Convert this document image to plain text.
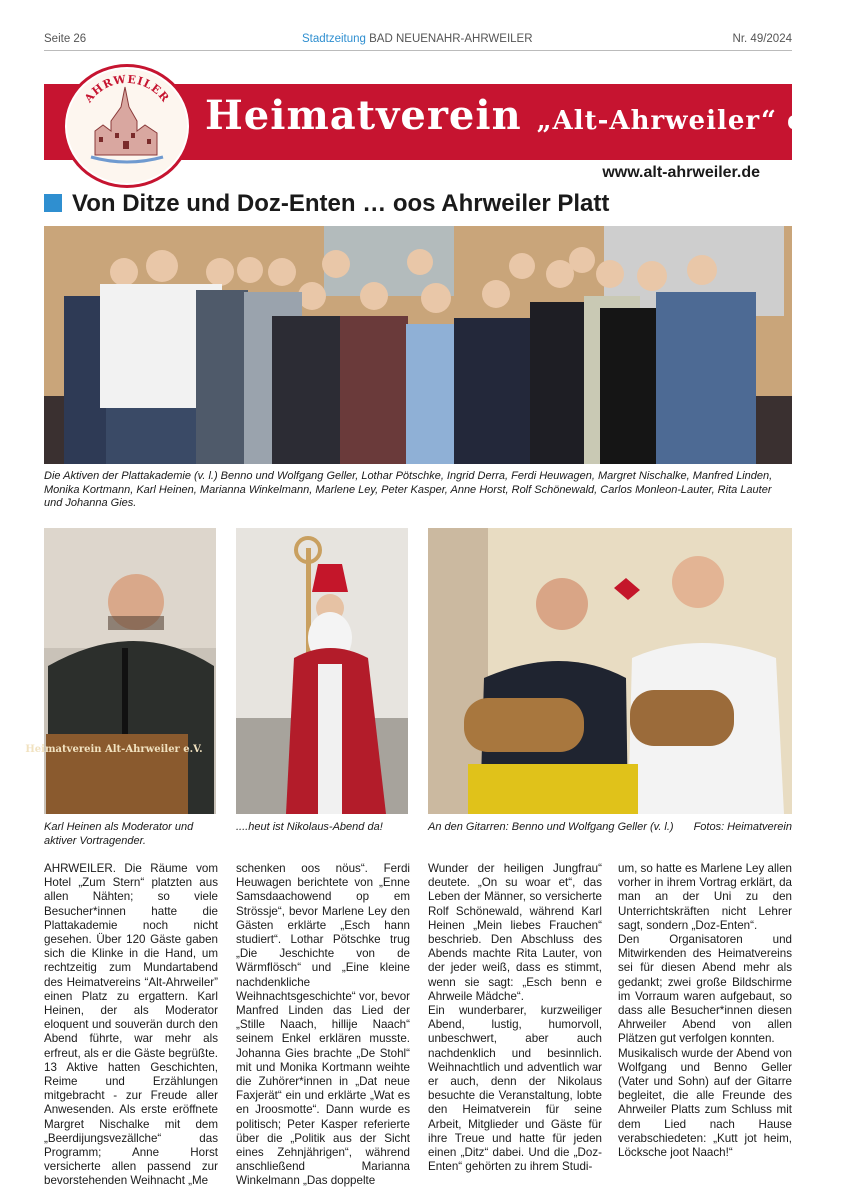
Seite 26	Stadtzeitung BAD NEUENAHR-AHRWEILER	Nr. 49/2024
Heimatverein „Alt-Ahrweiler“ e.V.
AHRWEILER
www.alt-ahrweiler.de
Von Ditze und Doz-Enten … oos Ahrweiler Platt
Die Aktiven der Plattakademie (v. l.) Benno und Wolfgang Geller, Lothar Pötschke, Ingrid Derra, Ferdi Heuwagen, Margret Nischalke, Manfred Linden, Monika Kortmann, Karl Heinen, Marianna Winkelmann, Marlene Ley, Peter Kasper, Anne Horst, Rolf Schönewald, Carlos Monleon-Lauter, Rita Lauter und Johanna Gies.
Heimatverein Alt-Ahrweiler e.V.
Karl Heinen als Moderator und aktiver Vortragender.
....heut ist Nikolaus-Abend da!	An den Gitarren: Benno und Wolfgang Geller (v. l.)	Fotos: Heimatverein
AHRWEILER. Die Räume vom Hotel „Zum Stern“ platzten aus allen Nähten; so viele Besucher*innen hatte die Plattakademie noch nicht gesehen. Über 120 Gäste gaben sich die Klinke in die Hand, um rechtzeitig zum Mundartabend des Heimatvereins “Alt-Ahrweiler” einen Platz zu ergattern. Karl Heinen, der als Moderator eloquent und souverän durch den Abend führte, war mehr als erfreut, als er die Gäste begrüßte. 13 Aktive hatten Geschichten, Reime und Erzählungen mitgebracht - zur Freude aller Anwesenden. Als erste eröffnete Margret Nischalke mit dem „Beerdijungsvezällche“ das Programm; Anne Horst versicherte allen passend zur bevorstehenden Weihnacht „Me
schenken oos nöus“. Ferdi Heuwagen berichtete von „Enne Samsdaachowend op em Strössje“, bevor Marlene Ley den Gästen erklärte „Esch hann studiert“. Lothar Pötschke trug „Die Jeschichte von de Wärmflösch“ und „Eine kleine nachdenkliche Weihnachtsgeschichte“ vor, bevor Manfred Linden das Lied der „Stille Naach, hillije Naach“ seinem Enkel erklären musste. Johanna Gies brachte „De Stohl“ mit und Monika Kortmann weihte die Zuhörer*innen in „Dat neue Faxjerät“ ein und erklärte „Wat es en Jroosmotte“. Dann wurde es politisch; Peter Kasper referierte über die „Politik aus der Sicht eines Zehnjährigen“, während anschließend Marianna Winkelmann „Das doppelte
Wunder der heiligen Jungfrau“ deutete. „On su woar et“, das Leben der Männer, so versicherte Rolf Schönewald, während Karl Heinen „Mein liebes Frauchen“ beschrieb. Den Abschluss des Abends machte Rita Lauter, von der jeder weiß, dass es stimmt, wenn sie sagt: „Esch benn e Ahrweile Mädche“.
Ein wunderbarer, kurzweiliger Abend, lustig, humorvoll, unbeschwert, aber auch nachdenklich und besinnlich. Weihnachtlich und adventlich war er auch, denn der Nikolaus besuchte die Veranstaltung, lobte den Heimatverein für seine Arbeit, Mitglieder und Gäste für ihre Treue und hatte für jeden einen „Ditz“ dabei. Und die „Doz-Enten“ gehörten zu ihrem Studi-
um, so hatte es Marlene Ley allen vorher in ihrem Vortrag erklärt, da man an der Uni zu den Unterrichtskräften nicht Lehrer sagt, sondern „Doz-Enten“.
Den Organisatoren und Mitwirkenden des Heimatvereins sei für diesen Abend mehr als gedankt; zwei große Bildschirme im Vorraum waren aufgebaut, so dass alle Besucher*innen diesen Ahrweiler Abend von allen Plätzen gut verfolgen konnten.
Musikalisch wurde der Abend von Wolfgang und Benno Geller (Vater und Sohn) auf der Gitarre begleitet, die alle Freunde des Ahrweiler Platts zum Schluss mit dem Lied nach Hause verabschiedeten: „Kutt jot heim, Löcksche joot Naach!“
